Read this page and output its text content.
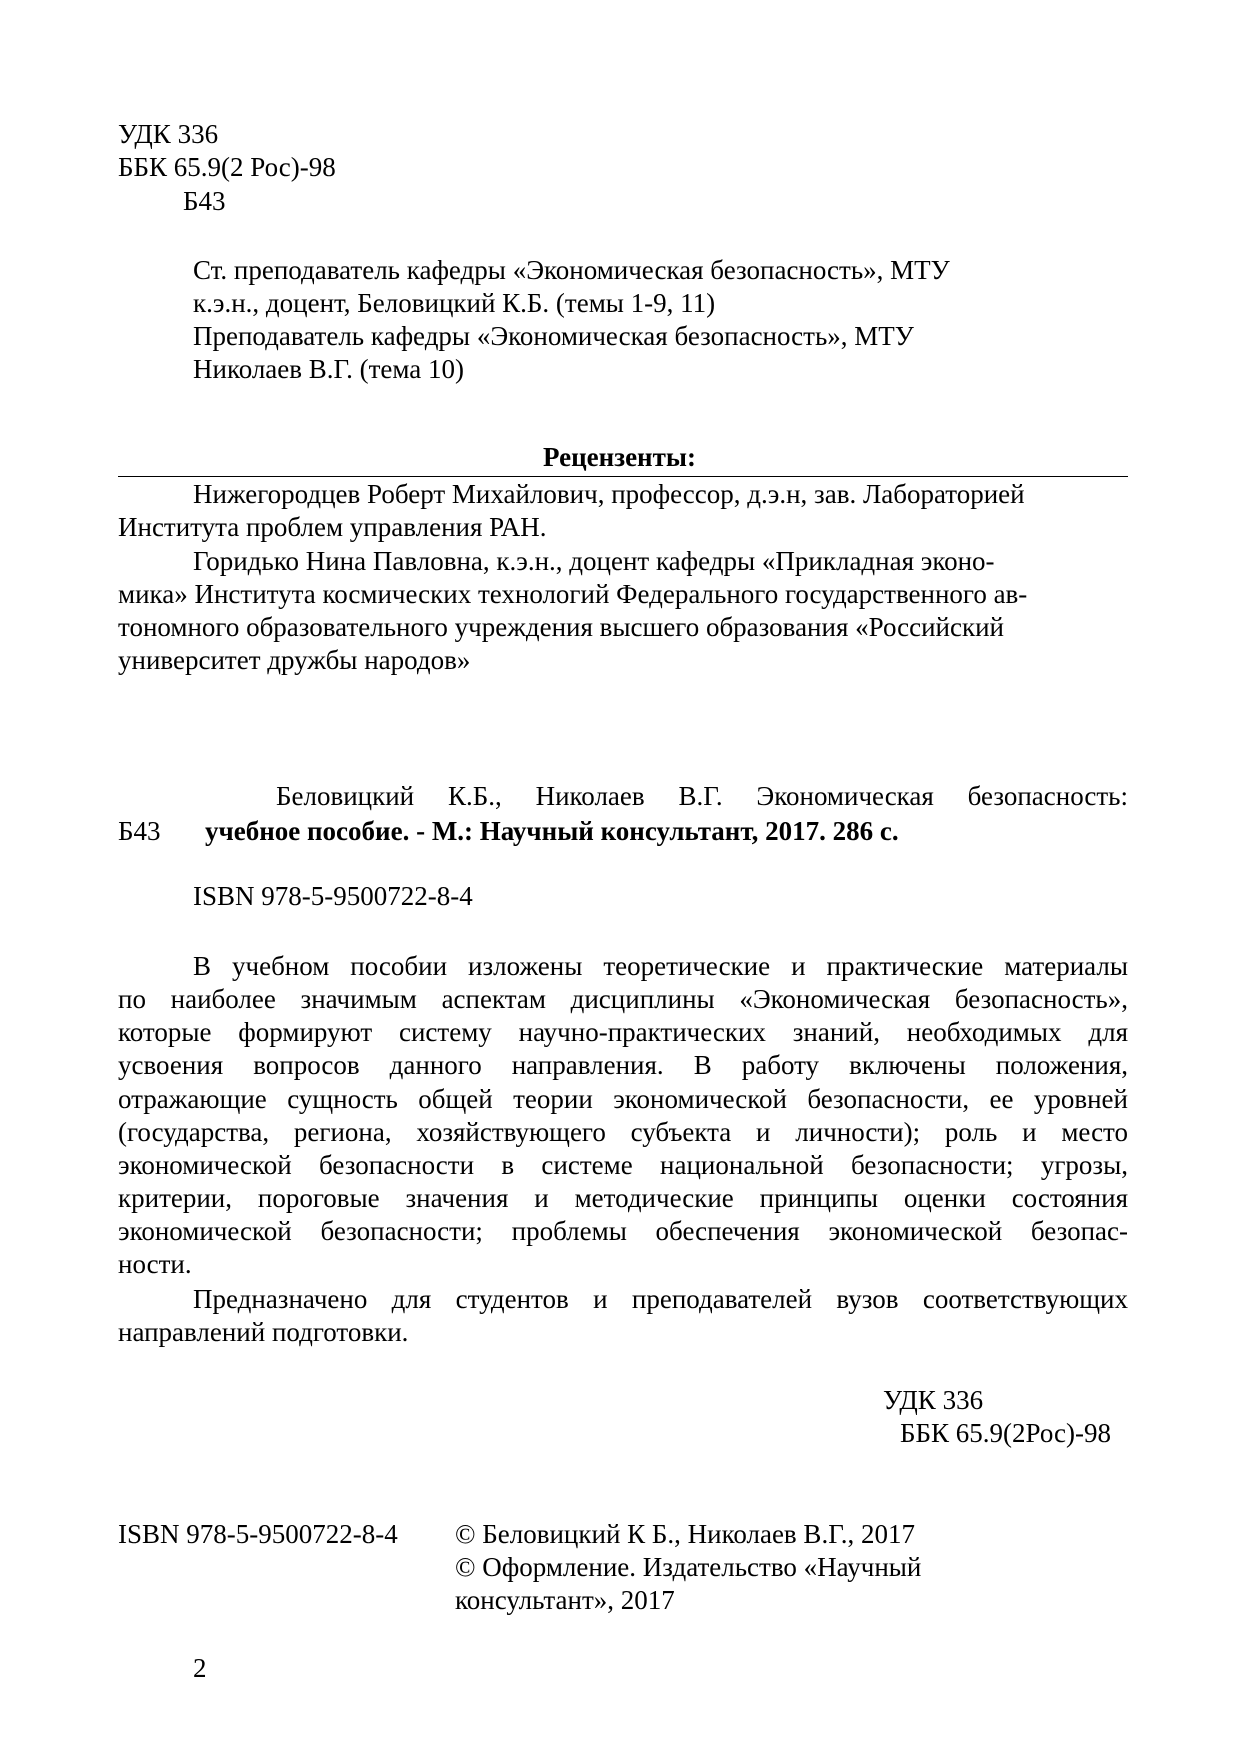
УДК 336
ББК 65.9(2 Рос)-98
Б43
Ст. преподаватель кафедры «Экономическая безопасность», МТУ
к.э.н., доцент, Беловицкий К.Б. (темы 1-9, 11)
Преподаватель кафедры «Экономическая безопасность», МТУ
Николаев В.Г. (тема 10)
Рецензенты:
Нижегородцев Роберт Михайлович, профессор, д.э.н, зав. Лабораторией
Института проблем управления РАН.
Горидько Нина Павловна, к.э.н., доцент кафедры «Прикладная эконо-
мика» Института космических технологий Федерального государственного ав-
тономного образовательного учреждения высшего образования «Российский
университет дружбы народов»
Беловицкий К.Б., Николаев В.Г. Экономическая безопасность:
Б43 учебное пособие. - М.: Научный консультант, 2017. 286 с.
ISBN 978-5-9500722-8-4
В учебном пособии изложены теоретические и практические материалы
по наиболее значимым аспектам дисциплины «Экономическая безопасность»,
которые формируют систему научно-практических знаний, необходимых для
усвоения вопросов данного направления. В работу включены положения,
отражающие сущность общей теории экономической безопасности, ее уровней
(государства, региона, хозяйствующего субъекта и личности); роль и место
экономической безопасности в системе национальной безопасности; угрозы,
критерии, пороговые значения и методические принципы оценки состояния
экономической безопасности; проблемы обеспечения экономической безопас-
ности.
Предназначено для студентов и преподавателей вузов соответствующих
направлений подготовки.
УДК 336
ББК 65.9(2Рос)-98
ISBN 978-5-9500722-8-4 © Беловицкий К Б., Николаев В.Г., 2017
© Оформление. Издательство «Научный
консультант», 2017
2
